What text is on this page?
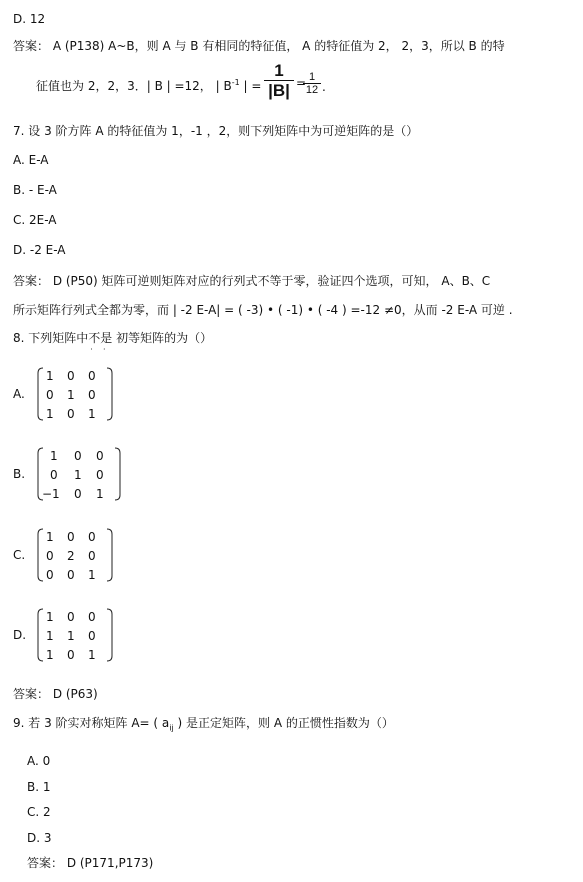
D. 12
答案： A (P138) A~B，则 A 与 B 有相同的特征值， A 的特征值为 2， 2，3，所以 B 的特
征值也为 2，2，3．| B | =12， | $B^{-1}$ | =
1
|B| = 1
12 .
7. 设 3 阶方阵 A 的特征值为 1，-1 ，2，则下列矩阵中为可逆矩阵的是（）
A. E-A
B. - E-A
C. 2E-A
D. -2 E-A
答案： D (P50) 矩阵可逆则矩阵对应的行列式不等于零，验证四个选项，可知， A、B、C
所示矩阵行列式全都为零，而 | -2 E-A| = ( -3) • ( -1) • ( -4 ) =-12 ≠0，从而 -2 E-A 可逆 .
8. 下列矩阵中不是
·    ·
初等矩阵的为（）
A.
1 0 0
0 1 0
1 0 1
B.
1 0 0
0 1 0
−1 0 1
C.
1 0 0
0 2 0
0 0 1
D.
1 0 0
1 1 0
1 0 1
答案： D (P63)
9. 若 3 阶实对称矩阵 A= ( $a_{ij}$ ) 是正定矩阵，则 A 的正惯性指数为（）
A. 0
B. 1
C. 2
D. 3
答案： D (P171,P173)
